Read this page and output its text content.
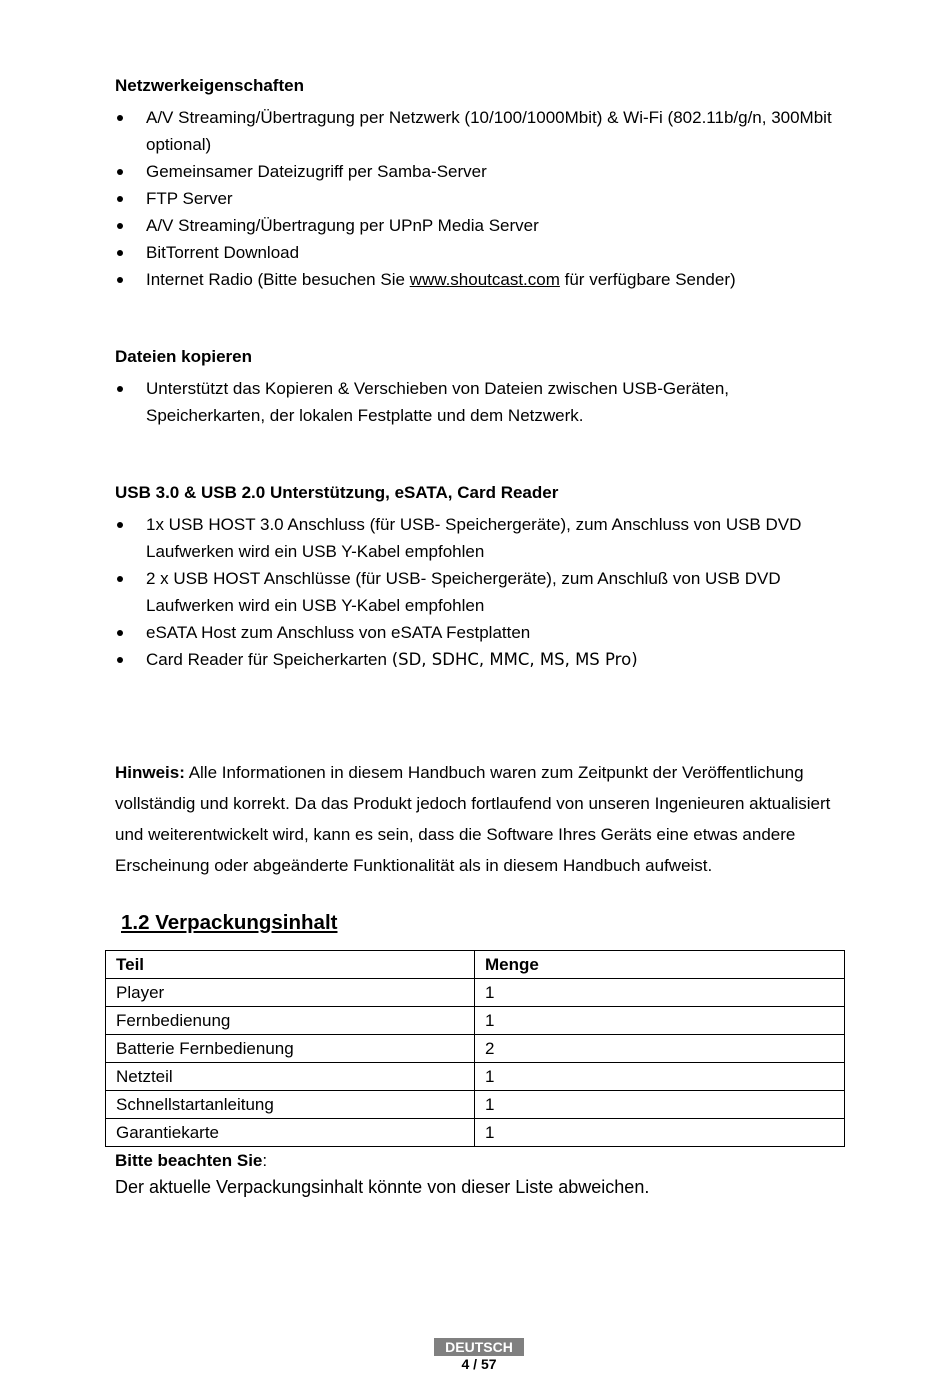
Netzwerkeigenschaften
A/V Streaming/Übertragung per Netzwerk (10/100/1000Mbit) & Wi-Fi (802.11b/g/n, 300Mbit optional)
Gemeinsamer Dateizugriff per Samba-Server
FTP Server
A/V Streaming/Übertragung per UPnP Media Server
BitTorrent Download
Internet Radio (Bitte besuchen Sie www.shoutcast.com für verfügbare Sender)
Dateien kopieren
Unterstützt das Kopieren & Verschieben von Dateien zwischen USB-Geräten, Speicherkarten, der lokalen Festplatte und dem Netzwerk.
USB 3.0 & USB 2.0 Unterstützung, eSATA, Card Reader
1x USB HOST 3.0 Anschluss (für USB- Speichergeräte), zum Anschluss von USB DVD Laufwerken wird ein USB Y-Kabel empfohlen
2 x USB HOST Anschlüsse (für USB- Speichergeräte), zum Anschluß von USB DVD Laufwerken wird ein USB Y-Kabel empfohlen
eSATA Host zum Anschluss von eSATA Festplatten
Card Reader für Speicherkarten (SD, SDHC, MMC, MS, MS Pro)
Hinweis: Alle Informationen in diesem Handbuch waren zum Zeitpunkt der Veröffentlichung vollständig und korrekt. Da das Produkt jedoch fortlaufend von unseren Ingenieuren aktualisiert und weiterentwickelt wird, kann es sein, dass die Software Ihres Geräts eine etwas andere Erscheinung oder abgeänderte Funktionalität als in diesem Handbuch aufweist.
1.2 Verpackungsinhalt
Teil	Menge
Player	1
Fernbedienung	1
Batterie Fernbedienung	2
Netzteil	1
Schnellstartanleitung	1
Garantiekarte	1
Bitte beachten Sie:
Der aktuelle Verpackungsinhalt könnte von dieser Liste abweichen.
DEUTSCH
4 / 57
